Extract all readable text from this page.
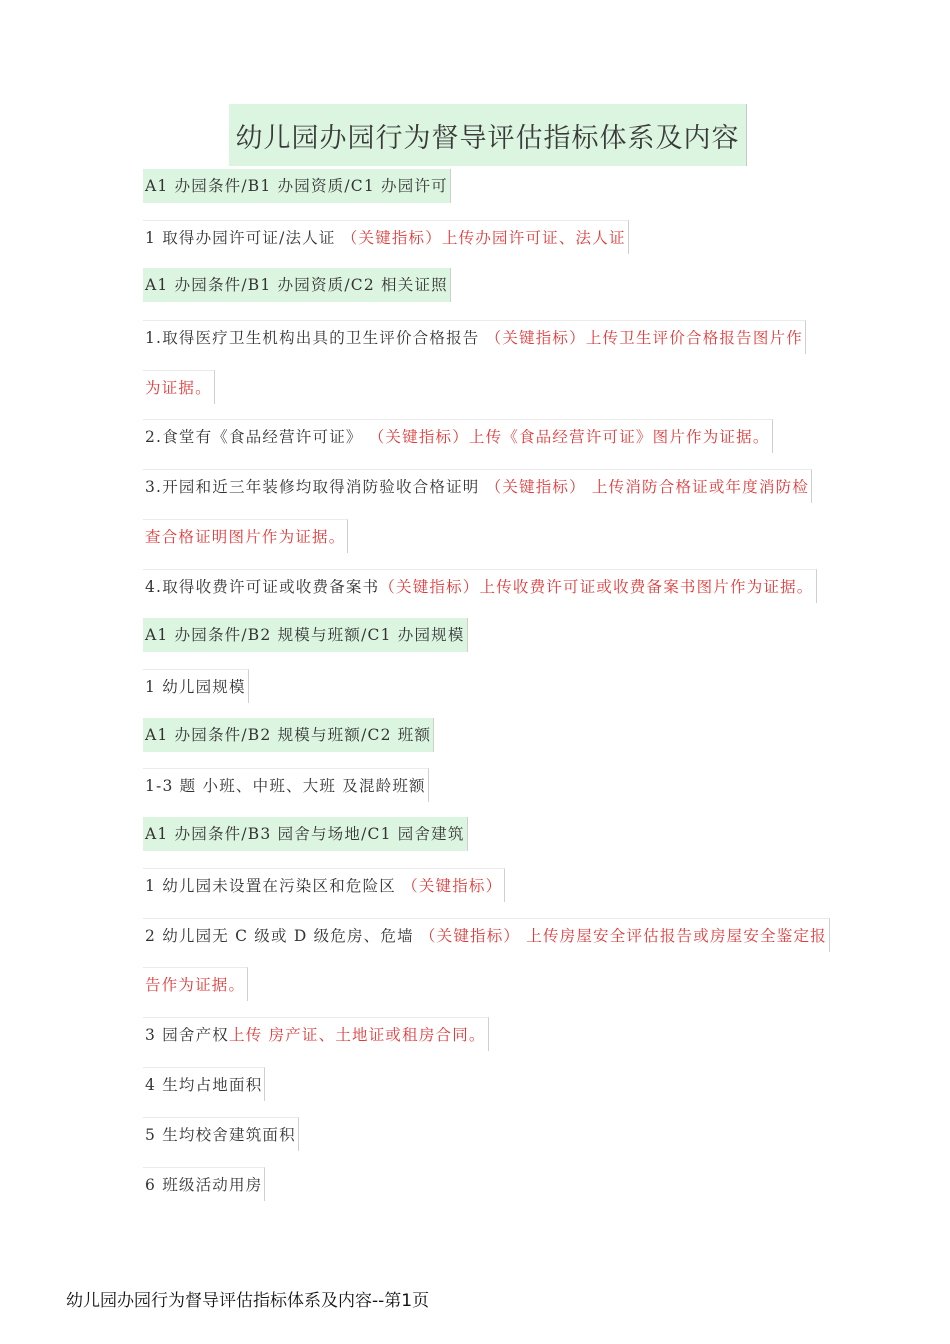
幼儿园办园行为督导评估指标体系及内容
A1 办园条件/B1 办园资质/C1 办园许可
1 取得办园许可证/法人证 （关键指标）上传办园许可证、法人证
A1 办园条件/B1 办园资质/C2 相关证照
1.取得医疗卫生机构出具的卫生评价合格报告 （关键指标）上传卫生评价合格报告图片作
为证据。
2.食堂有《食品经营许可证》 （关键指标）上传《食品经营许可证》图片作为证据。
3.开园和近三年装修均取得消防验收合格证明 （关键指标） 上传消防合格证或年度消防检
查合格证明图片作为证据。
4.取得收费许可证或收费备案书（关键指标）上传收费许可证或收费备案书图片作为证据。
A1 办园条件/B2 规模与班额/C1 办园规模
1 幼儿园规模
A1 办园条件/B2 规模与班额/C2 班额
1-3 题 小班、中班、大班 及混龄班额
A1 办园条件/B3 园舍与场地/C1 园舍建筑
1 幼儿园未设置在污染区和危险区 （关键指标）
2 幼儿园无 C 级或 D 级危房、危墙 （关键指标） 上传房屋安全评估报告或房屋安全鉴定报
告作为证据。
3 园舍产权上传 房产证、土地证或租房合同。
4 生均占地面积
5 生均校舍建筑面积
6 班级活动用房
幼儿园办园行为督导评估指标体系及内容--第1页
